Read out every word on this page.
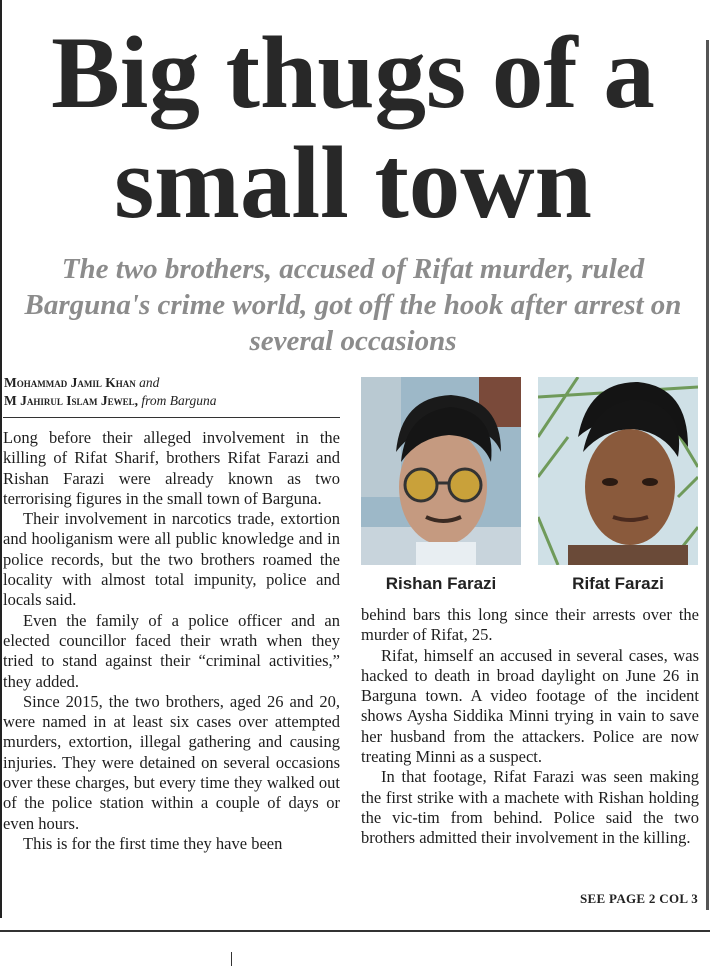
Big thugs of a
small town

The two brothers, accused of Rifat murder, ruled Barguna's crime world, got off the hook after arrest on several occasions

Mohammad Jamil Khan and
M Jahirul Islam Jewel, from Barguna

Long before their alleged involvement in the killing of Rifat Sharif, brothers Rifat Farazi and Rishan Farazi were already known as two terrorising figures in the small town of Barguna.

Their involvement in narcotics trade, extortion and hooliganism were all public knowledge and in police records, but the two brothers roamed the locality with almost total impunity, police and locals said.

Even the family of a police officer and an elected councillor faced their wrath when they tried to stand against their “criminal activities,” they added.

Since 2015, the two brothers, aged 26 and 20, were named in at least six cases over attempted murders, extortion, illegal gathering and causing injuries. They were detained on several occasions over these charges, but every time they walked out of the police station within a couple of days or even hours.

This is for the first time they have been

Rishan Farazi	Rifat Farazi

behind bars this long since their arrests over the murder of Rifat, 25.

Rifat, himself an accused in several cases, was hacked to death in broad daylight on June 26 in Barguna town. A video footage of the incident shows Aysha Siddika Minni trying in vain to save her husband from the attackers. Police are now treating Minni as a suspect.

In that footage, Rifat Farazi was seen making the first strike with a machete with Rishan holding the vic-tim from behind. Police said the two brothers admitted their involvement in the killing.

SEE PAGE 2 COL 3
